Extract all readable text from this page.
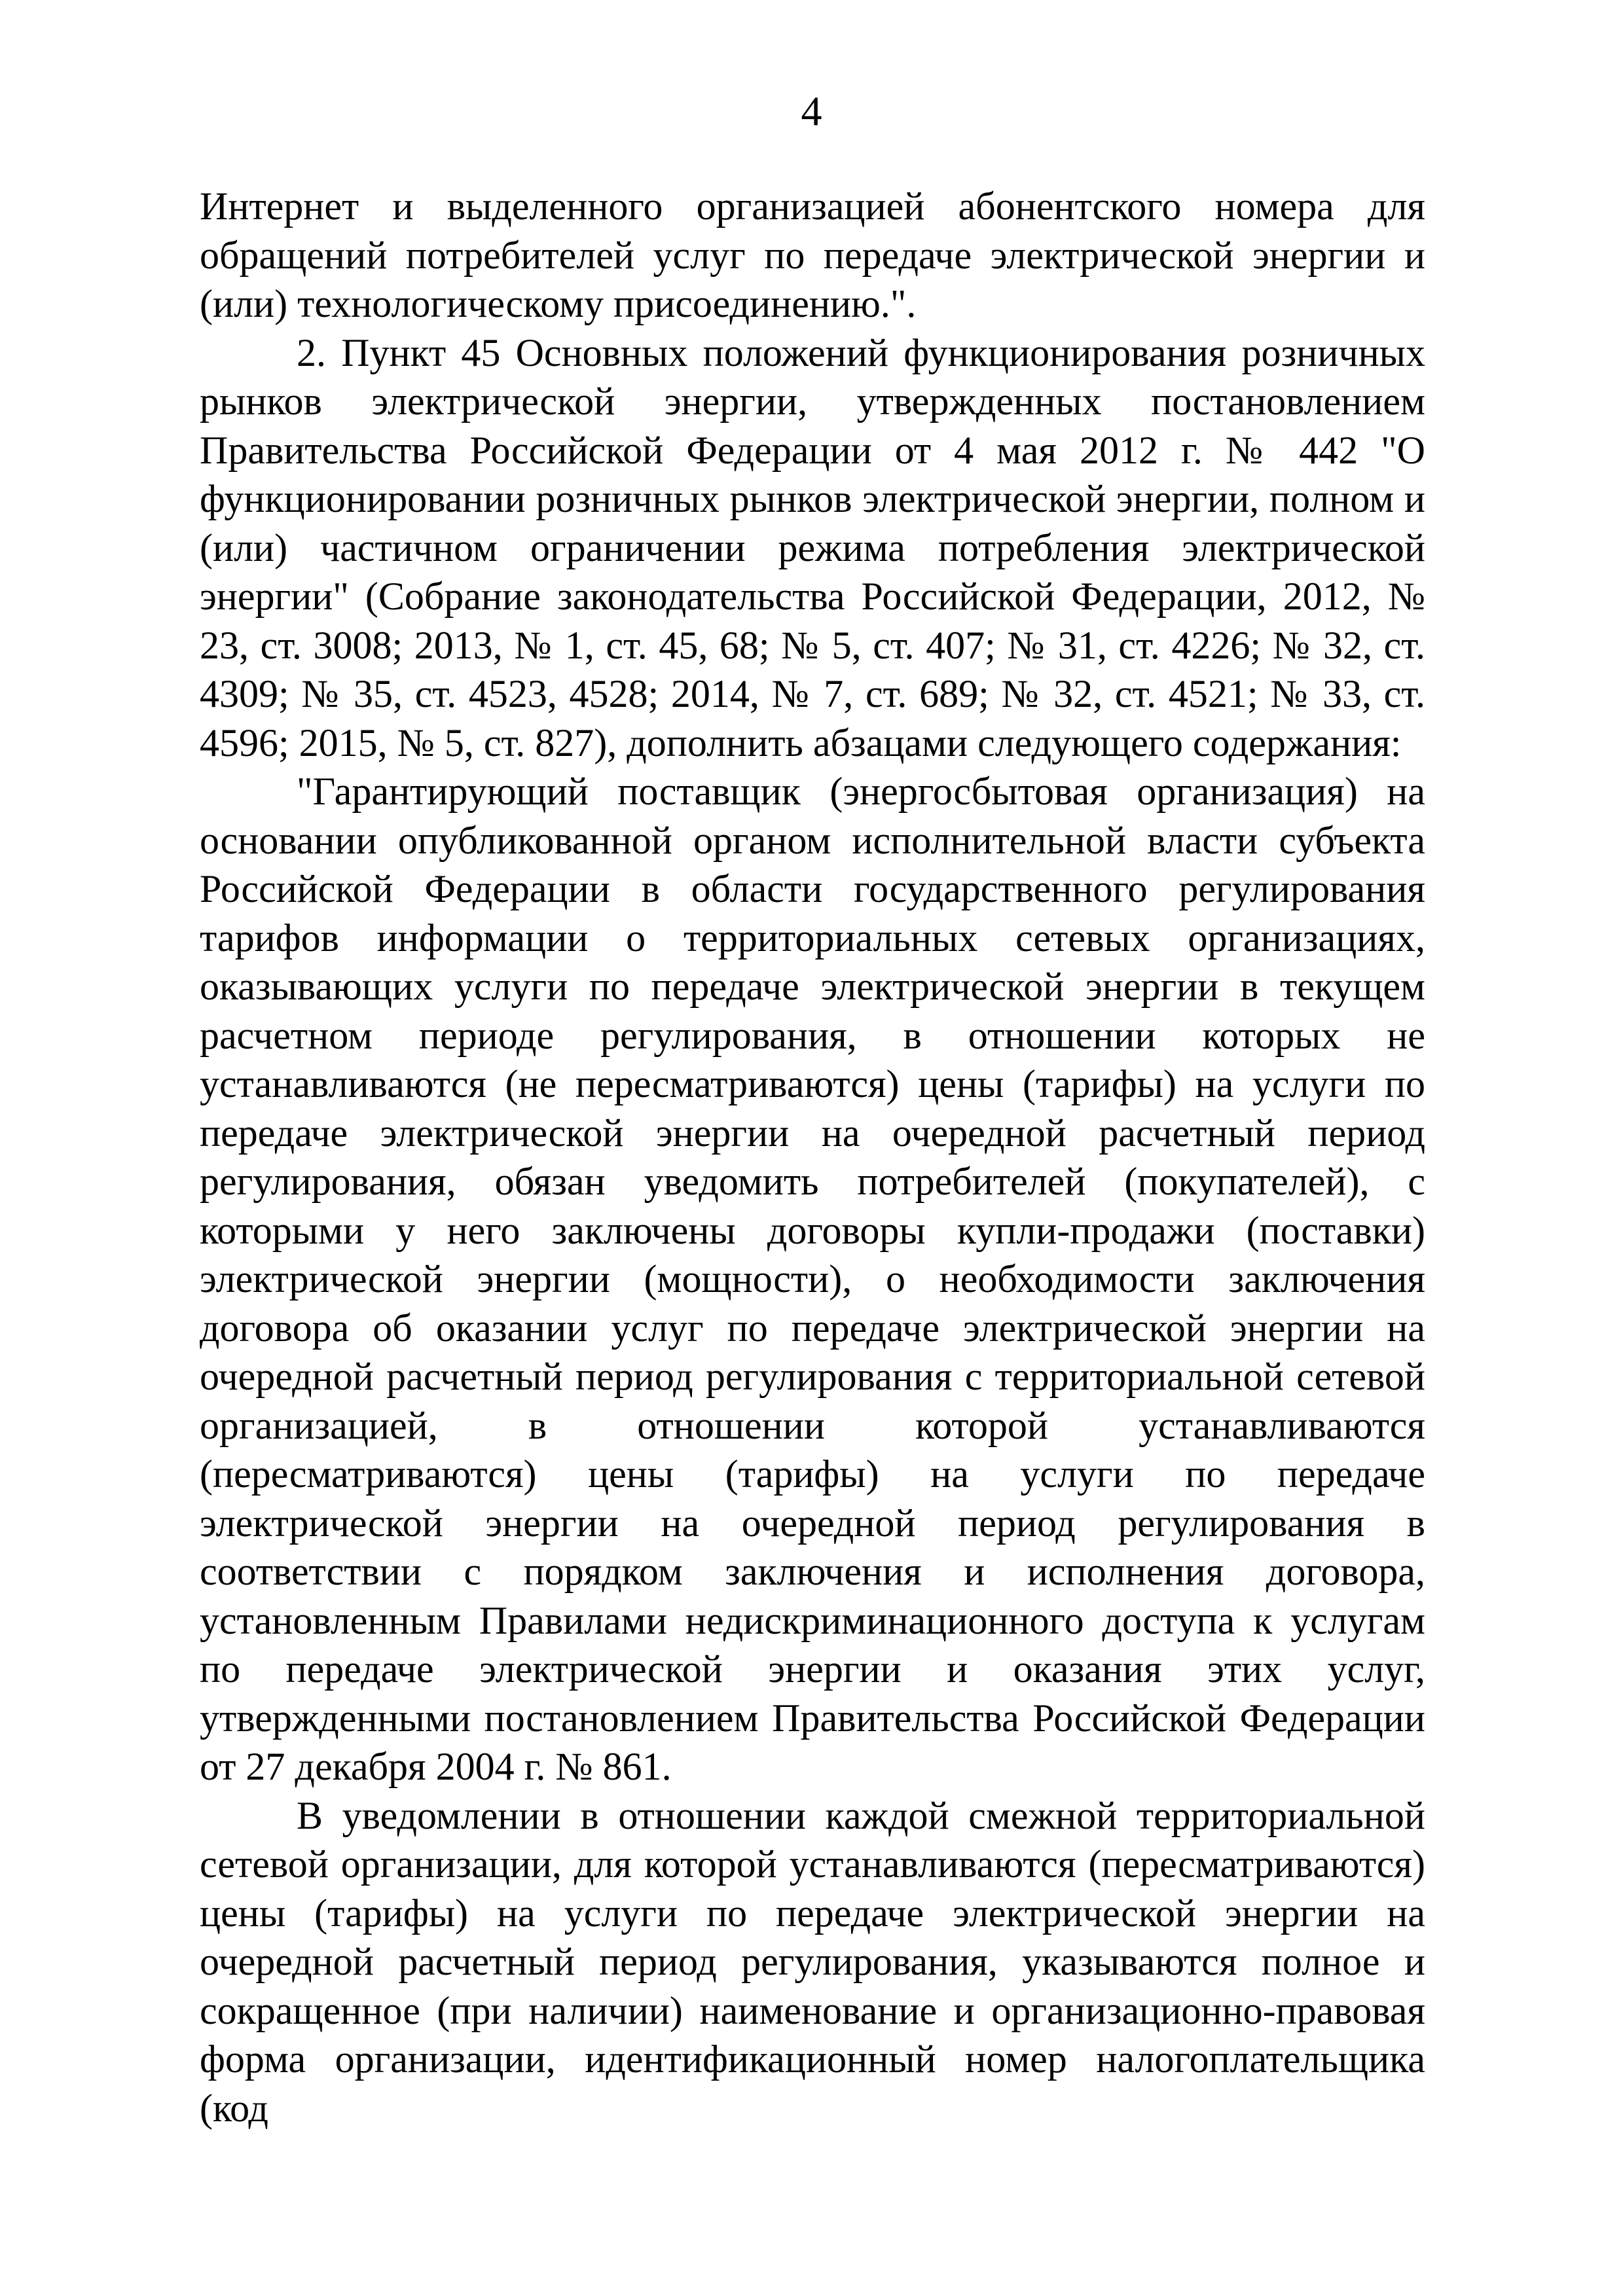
4

Интернет и выделенного организацией абонентского номера для обращений потребителей услуг по передаче электрической энергии и (или) технологическому присоединению.".

2. Пункт 45 Основных положений функционирования розничных рынков электрической энергии, утвержденных постановлением Правительства Российской Федерации от 4 мая 2012 г. № 442 "О функционировании розничных рынков электрической энергии, полном и (или) частичном ограничении режима потребления электрической энергии" (Собрание законодательства Российской Федерации, 2012, № 23, ст. 3008; 2013, № 1, ст. 45, 68; № 5, ст. 407; № 31, ст. 4226; № 32, ст. 4309; № 35, ст. 4523, 4528; 2014, № 7, ст. 689; № 32, ст. 4521; № 33, ст. 4596; 2015, № 5, ст. 827), дополнить абзацами следующего содержания:

"Гарантирующий поставщик (энергосбытовая организация) на основании опубликованной органом исполнительной власти субъекта Российской Федерации в области государственного регулирования тарифов информации о территориальных сетевых организациях, оказывающих услуги по передаче электрической энергии в текущем расчетном периоде регулирования, в отношении которых не устанавливаются (не пересматриваются) цены (тарифы) на услуги по передаче электрической энергии на очередной расчетный период регулирования, обязан уведомить потребителей (покупателей), с которыми у него заключены договоры купли-продажи (поставки) электрической энергии (мощности), о необходимости заключения договора об оказании услуг по передаче электрической энергии на очередной расчетный период регулирования с территориальной сетевой организацией, в отношении которой устанавливаются (пересматриваются) цены (тарифы) на услуги по передаче электрической энергии на очередной период регулирования в соответствии с порядком заключения и исполнения договора, установленным Правилами недискриминационного доступа к услугам по передаче электрической энергии и оказания этих услуг, утвержденными постановлением Правительства Российской Федерации от 27 декабря 2004 г. № 861.

В уведомлении в отношении каждой смежной территориальной сетевой организации, для которой устанавливаются (пересматриваются) цены (тарифы) на услуги по передаче электрической энергии на очередной расчетный период регулирования, указываются полное и сокращенное (при наличии) наименование и организационно-правовая форма организации, идентификационный номер налогоплательщика (код
